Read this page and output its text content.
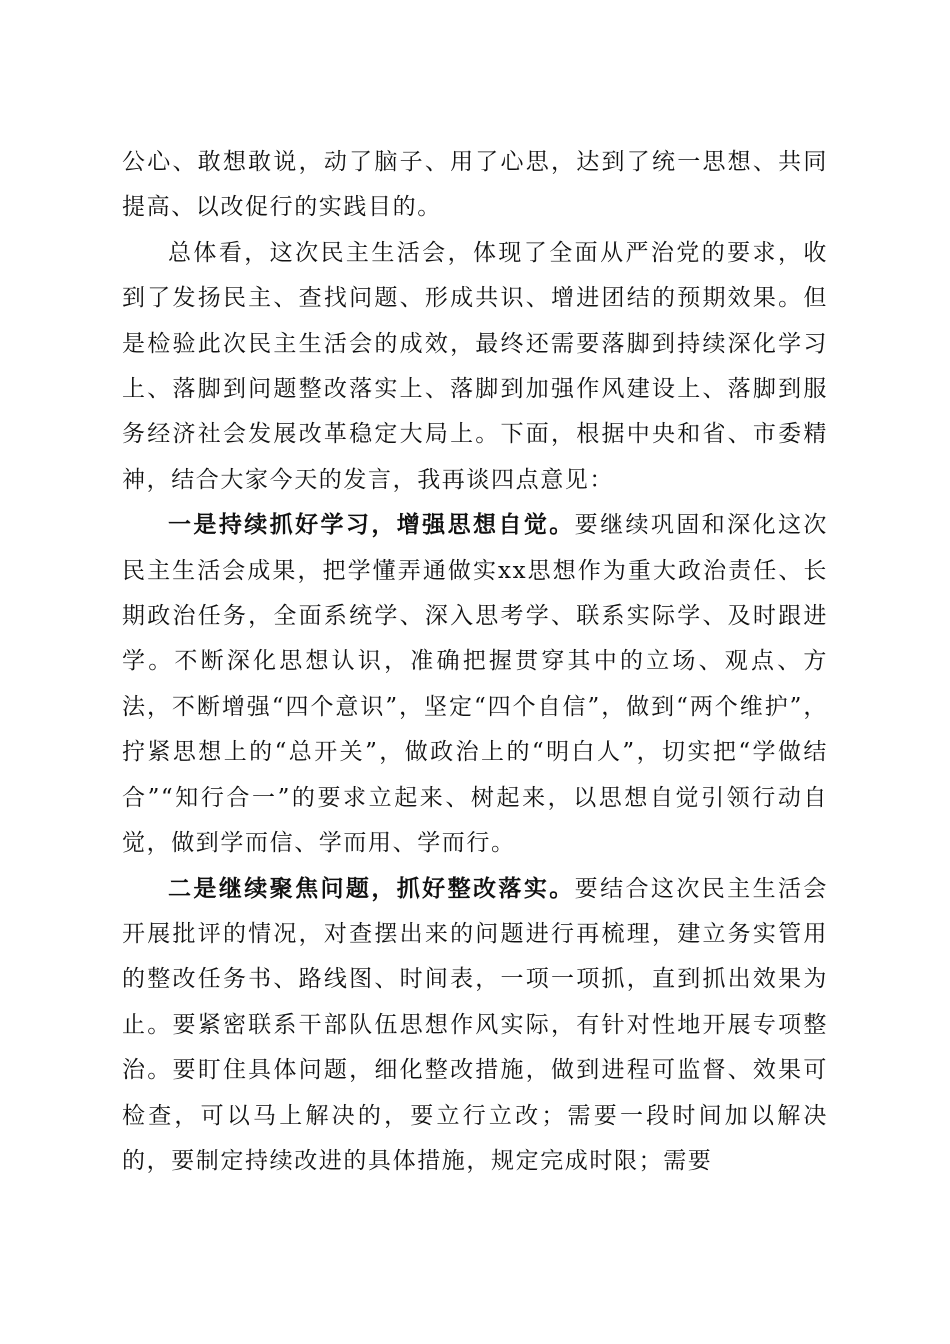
公心、敢想敢说，动了脑子、用了心思，达到了统一思想、共同提高、以改促行的实践目的。

总体看，这次民主生活会，体现了全面从严治党的要求，收到了发扬民主、查找问题、形成共识、增进团结的预期效果。但是检验此次民主生活会的成效，最终还需要落脚到持续深化学习上、落脚到问题整改落实上、落脚到加强作风建设上、落脚到服务经济社会发展改革稳定大局上。下面，根据中央和省、市委精神，结合大家今天的发言，我再谈四点意见：

一是持续抓好学习，增强思想自觉。要继续巩固和深化这次民主生活会成果，把学懂弄通做实xx思想作为重大政治责任、长期政治任务，全面系统学、深入思考学、联系实际学、及时跟进学。不断深化思想认识，准确把握贯穿其中的立场、观点、方法，不断增强“四个意识”，坚定“四个自信”，做到“两个维护”，拧紧思想上的“总开关”，做政治上的“明白人”，切实把“学做结合”“知行合一”的要求立起来、树起来，以思想自觉引领行动自觉，做到学而信、学而用、学而行。

二是继续聚焦问题，抓好整改落实。要结合这次民主生活会开展批评的情况，对查摆出来的问题进行再梳理，建立务实管用的整改任务书、路线图、时间表，一项一项抓，直到抓出效果为止。要紧密联系干部队伍思想作风实际，有针对性地开展专项整治。要盯住具体问题，细化整改措施，做到进程可监督、效果可检查，可以马上解决的，要立行立改；需要一段时间加以解决的，要制定持续改进的具体措施，规定完成时限；需要
